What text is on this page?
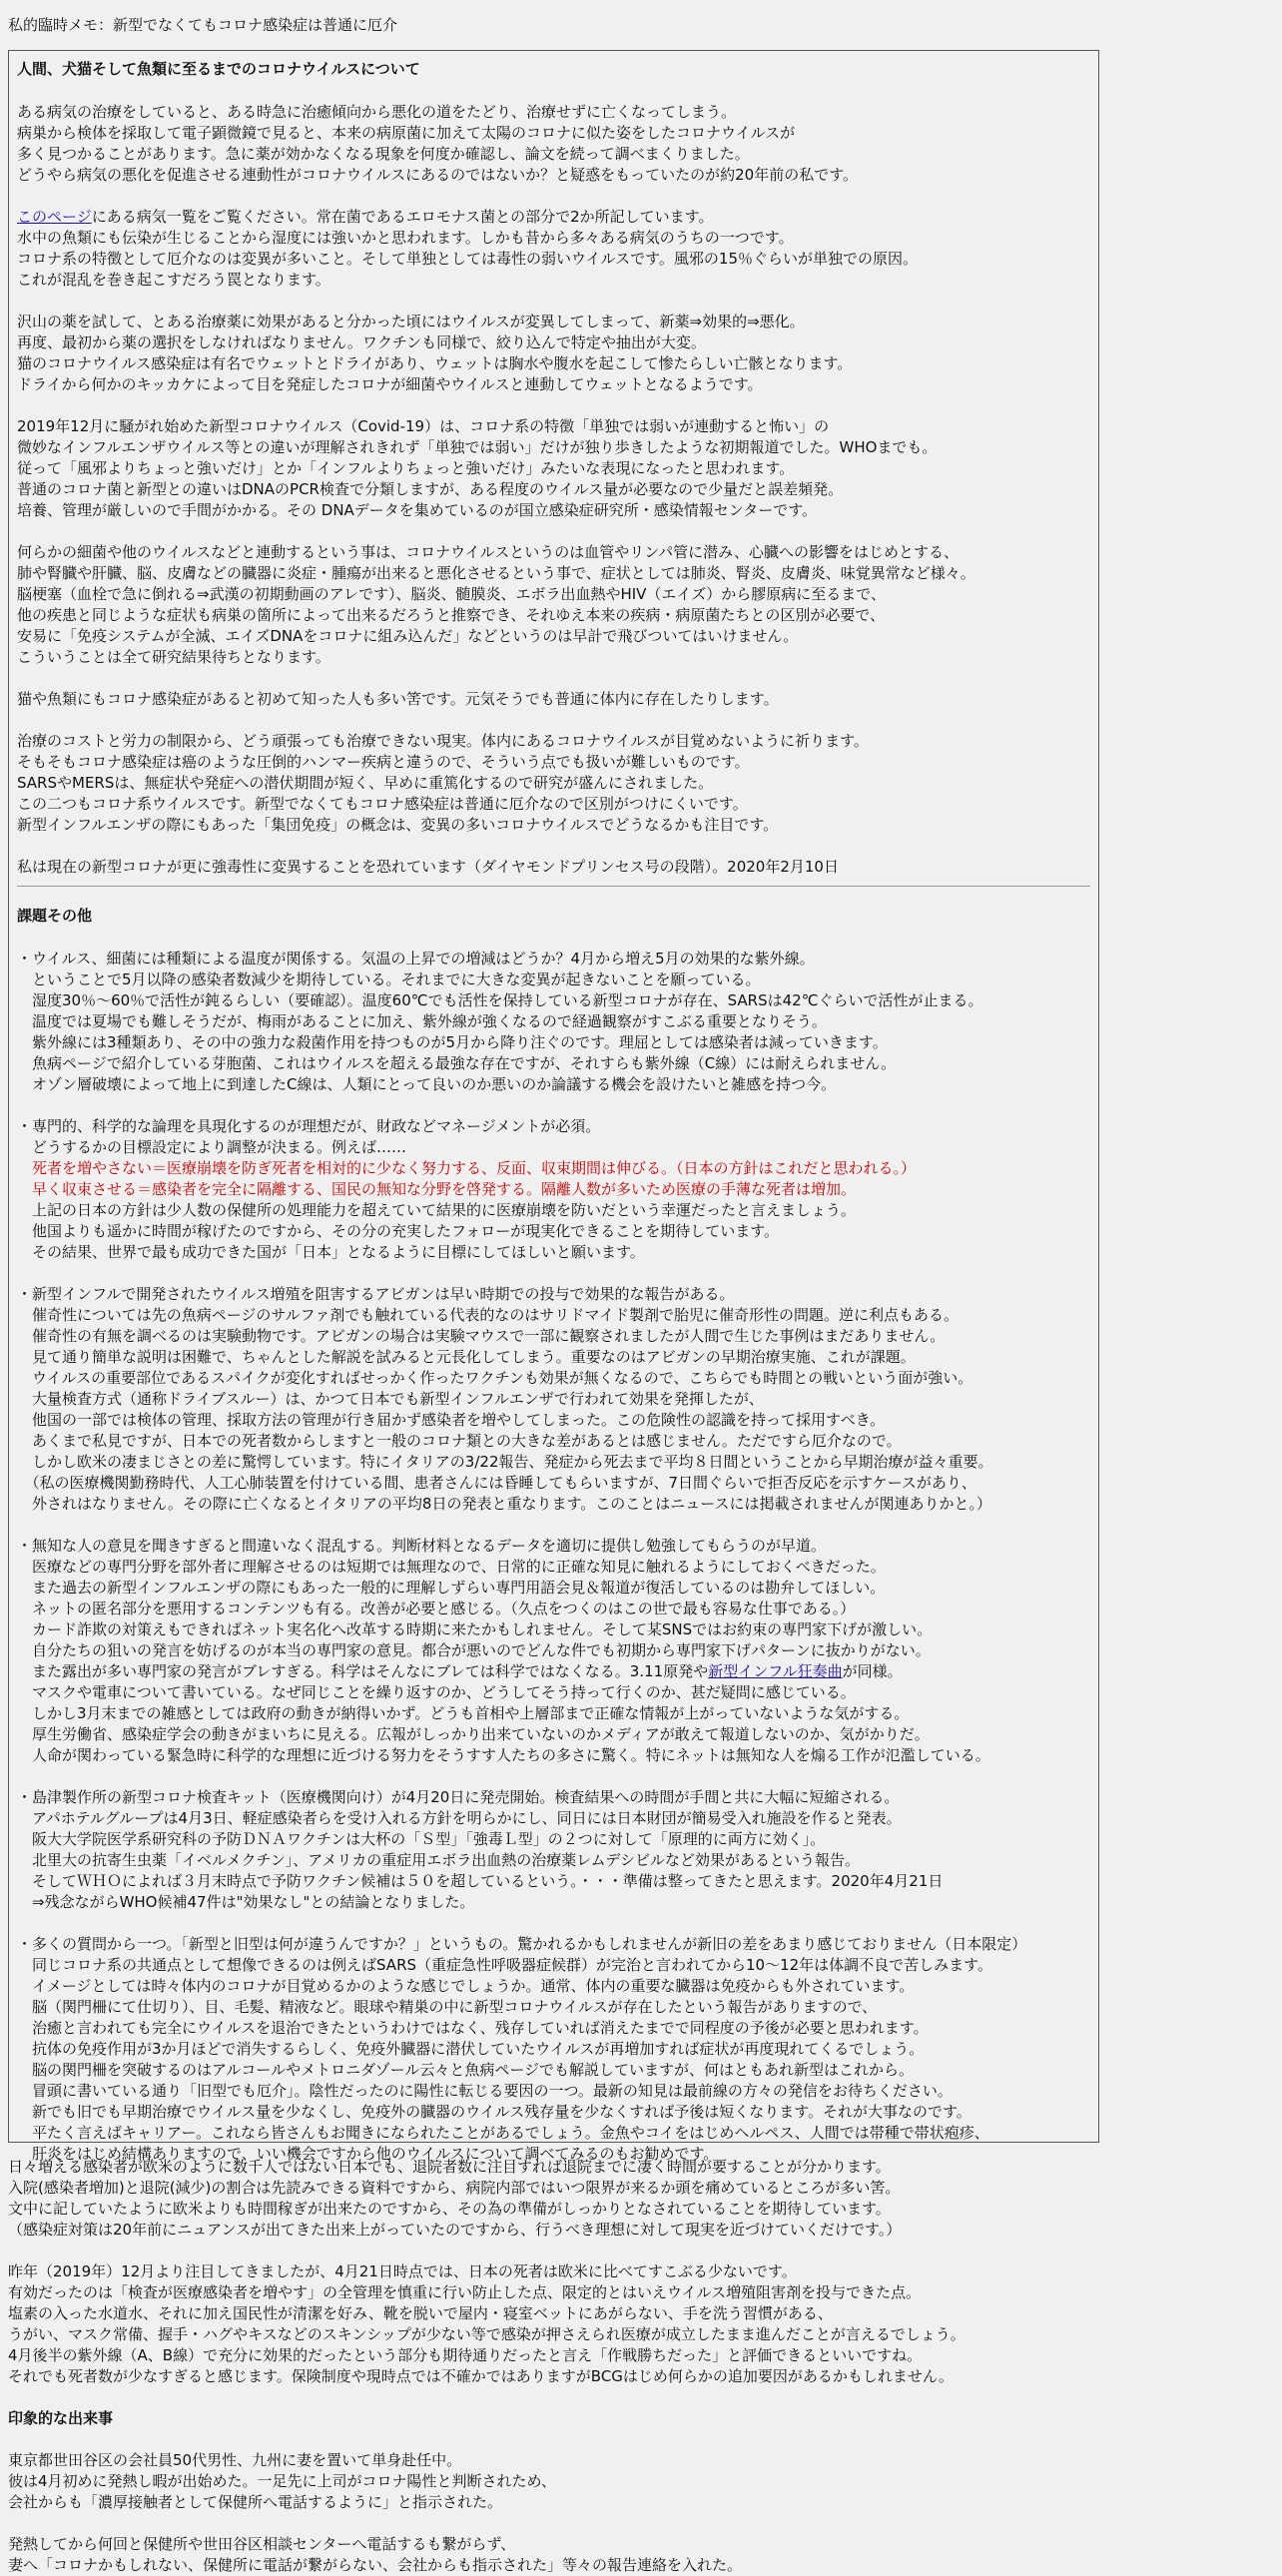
私的臨時メモ：新型でなくてもコロナ感染症は普通に厄介
人間、犬猫そして魚類に至るまでのコロナウイルスについて
ある病気の治療をしていると、ある時急に治癒傾向から悪化の道をたどり、治療せずに亡くなってしまう。
病巣から検体を採取して電子顕微鏡で見ると、本来の病原菌に加えて太陽のコロナに似た姿をしたコロナウイルスが
多く見つかることがあります。急に薬が効かなくなる現象を何度か確認し、論文を続って調べまくりました。
どうやら病気の悪化を促進させる連動性がコロナウイルスにあるのではないか？と疑惑をもっていたのが約20年前の私です。
このページにある病気一覧をご覧ください。常在菌であるエロモナス菌との部分で2か所記しています。
水中の魚類にも伝染が生じることから湿度には強いかと思われます。しかも昔から多々ある病気のうちの一つです。
コロナ系の特徴として厄介なのは変異が多いこと。そして単独としては毒性の弱いウイルスです。風邪の15％ぐらいが単独での原因。
これが混乱を巻き起こすだろう罠となります。
沢山の薬を試して、とある治療薬に効果があると分かった頃にはウイルスが変異してしまって、新薬⇒効果的⇒悪化。
再度、最初から薬の選択をしなければなりません。ワクチンも同様で、絞り込んで特定や抽出が大変。
猫のコロナウイルス感染症は有名でウェットとドライがあり、ウェットは胸水や腹水を起こして惨たらしい亡骸となります。
ドライから何かのキッカケによって目を発症したコロナが細菌やウイルスと連動してウェットとなるようです。
2019年12月に騒がれ始めた新型コロナウイルス（Covid-19）は、コロナ系の特徴「単独では弱いが連動すると怖い」の
微妙なインフルエンザウイルス等との違いが理解されきれず「単独では弱い」だけが独り歩きしたような初期報道でした。WHOまでも。
従って「風邪よりちょっと強いだけ」とか「インフルよりちょっと強いだけ」みたいな表現になったと思われます。
普通のコロナ菌と新型との違いはDNAのPCR検査で分類しますが、ある程度のウイルス量が必要なので少量だと誤差頻発。
培養、管理が厳しいので手間がかかる。その DNAデータを集めているのが国立感染症研究所・感染情報センターです。
何らかの細菌や他のウイルスなどと連動するという事は、コロナウイルスというのは血管やリンパ管に潜み、心臓への影響をはじめとする、
肺や腎臓や肝臓、脳、皮膚などの臓器に炎症・腫瘍が出来ると悪化させるという事で、症状としては肺炎、腎炎、皮膚炎、味覚異常など様々。
脳梗塞（血栓で急に倒れる⇒武漢の初期動画のアレです）、脳炎、髄膜炎、エボラ出血熱やHIV（エイズ）から膠原病に至るまで、
他の疾患と同じような症状も病巣の箇所によって出来るだろうと推察でき、それゆえ本来の疾病・病原菌たちとの区別が必要で、
安易に「免疫システムが全滅、エイズDNAをコロナに組み込んだ」などというのは早計で飛びついてはいけません。
こういうことは全て研究結果待ちとなります。
猫や魚類にもコロナ感染症があると初めて知った人も多い筈です。元気そうでも普通に体内に存在したりします。
治療のコストと労力の制限から、どう頑張っても治療できない現実。体内にあるコロナウイルスが目覚めないように祈ります。
そもそもコロナ感染症は癌のような圧倒的ハンマー疾病と違うので、そういう点でも扱いが難しいものです。
SARSやMERSは、無症状や発症への潜伏期間が短く、早めに重篤化するので研究が盛んにされました。
この二つもコロナ系ウイルスです。新型でなくてもコロナ感染症は普通に厄介なので区別がつけにくいです。
新型インフルエンザの際にもあった「集団免疫」の概念は、変異の多いコロナウイルスでどうなるかも注目です。
私は現在の新型コロナが更に強毒性に変異することを恐れています（ダイヤモンドプリンセス号の段階）。2020年2月10日
課題その他
・ウイルス、細菌には種類による温度が関係する。気温の上昇での増減はどうか？4月から増え5月の効果的な紫外線。
　ということで5月以降の感染者数減少を期待している。それまでに大きな変異が起きないことを願っている。
　湿度30％～60％で活性が鈍るらしい（要確認）。温度60℃でも活性を保持している新型コロナが存在、SARSは42℃ぐらいで活性が止まる。
　温度では夏場でも難しそうだが、梅雨があることに加え、紫外線が強くなるので経過観察がすこぶる重要となりそう。
　紫外線には3種類あり、その中の強力な殺菌作用を持つものが5月から降り注ぐのです。理屈としては感染者は減っていきます。
　魚病ページで紹介している芽胞菌、これはウイルスを超える最強な存在ですが、それすらも紫外線（C線）には耐えられません。
　オゾン層破壊によって地上に到達したC線は、人類にとって良いのか悪いのか論議する機会を設けたいと雑感を持つ今。
・専門的、科学的な論理を具現化するのが理想だが、財政などマネージメントが必須。
　どうするかの目標設定により調整が決まる。例えば……
　死者を増やさない＝医療崩壊を防ぎ死者を相対的に少なく努力する、反面、収束期間は伸びる。（日本の方針はこれだと思われる。）
　早く収束させる＝感染者を完全に隔離する、国民の無知な分野を啓発する。隔離人数が多いため医療の手薄な死者は増加。
　上記の日本の方針は少人数の保健所の処理能力を超えていて結果的に医療崩壊を防いだという幸運だったと言えましょう。
　他国よりも遥かに時間が稼げたのですから、その分の充実したフォローが現実化できることを期待しています。
　その結果、世界で最も成功できた国が「日本」となるように目標にしてほしいと願います。
・新型インフルで開発されたウイルス増殖を阻害するアビガンは早い時期での投与で効果的な報告がある。
　催奇性については先の魚病ページのサルファ剤でも触れている代表的なのはサリドマイド製剤で胎児に催奇形性の問題。逆に利点もある。
　催奇性の有無を調べるのは実験動物です。アビガンの場合は実験マウスで一部に観察されましたが人間で生じた事例はまだありません。
　見て通り簡単な説明は困難で、ちゃんとした解説を試みると元長化してしまう。重要なのはアビガンの早期治療実施、これが課題。
　ウイルスの重要部位であるスパイクが変化すればせっかく作ったワクチンも効果が無くなるので、こちらでも時間との戦いという面が強い。
　大量検査方式（通称ドライブスルー）は、かつて日本でも新型インフルエンザで行われて効果を発揮したが、
　他国の一部では検体の管理、採取方法の管理が行き届かず感染者を増やしてしまった。この危険性の認識を持って採用すべき。
　あくまで私見ですが、日本での死者数からしますと一般のコロナ類との大きな差があるとは感じません。ただですら厄介なので。
　しかし欧米の凄まじさとの差に驚愕しています。特にイタリアの3/22報告、発症から死去まで平均８日間ということから早期治療が益々重要。
　（私の医療機関勤務時代、人工心肺装置を付けている間、患者さんには昏睡してもらいますが、7日間ぐらいで拒否反応を示すケースがあり、
　外されはなりません。その際に亡くなるとイタリアの平均8日の発表と重なります。このことはニュースには掲載されませんが関連ありかと。）
・無知な人の意見を聞きすぎると間違いなく混乱する。判断材料となるデータを適切に提供し勉強してもらうのが早道。
　医療などの専門分野を部外者に理解させるのは短期では無理なので、日常的に正確な知見に触れるようにしておくべきだった。
　また過去の新型インフルエンザの際にもあった一般的に理解しずらい専門用語会見＆報道が復活しているのは勘弁してほしい。
　ネットの匿名部分を悪用するコンテンツも有る。改善が必要と感じる。（久点をつくのはこの世で最も容易な仕事である。）
　カード詐欺の対策えもできればネット実名化へ改革する時期に来たかもしれません。そして某SNSではお約束の専門家下げが激しい。
　自分たちの狙いの発言を妨げるのが本当の専門家の意見。都合が悪いのでどんな件でも初期から専門家下げパターンに抜かりがない。
　また露出が多い専門家の発言がブレすぎる。科学はそんなにブレては科学ではなくなる。3.11原発や新型インフル狂奏曲が同様。
　マスクや電車について書いている。なぜ同じことを繰り返すのか、どうしてそう持って行くのか、甚だ疑問に感じている。
　しかし3月末までの雑感としては政府の動きが納得いかず。どうも首相や上層部まで正確な情報が上がっていないような気がする。
　厚生労働省、感染症学会の動きがまいちに見える。広報がしっかり出来ていないのかメディアが敢えて報道しないのか、気がかりだ。
　人命が関わっている緊急時に科学的な理想に近づける努力をそうすす人たちの多さに驚く。特にネットは無知な人を煽る工作が氾濫している。
・島津製作所の新型コロナ検査キット（医療機関向け）が4月20日に発売開始。検査結果への時間が手間と共に大幅に短縮される。
　アパホテルグループは4月3日、軽症感染者らを受け入れる方針を明らかにし、同日には日本財団が簡易受入れ施設を作ると発表。
　阪大大学院医学系研究科の予防ＤＮＡワクチンは大杯の「Ｓ型」「強毒Ｌ型」の２つに対して「原理的に両方に効く」。
　北里大の抗寄生虫薬「イベルメクチン」、アメリカの重症用エボラ出血熱の治療薬レムデシビルなど効果があるという報告。
　そしてＷＨＯによれば３月末時点で予防ワクチン候補は５０を超しているという。・・・準備は整ってきたと思えます。2020年4月21日
　⇒残念ながらWHO候補47件は"効果なし"との結論となりました。
・多くの質問から一つ。「新型と旧型は何が違うんですか？」というもの。驚かれるかもしれませんが新旧の差をあまり感じておりません（日本限定）
　同じコロナ系の共通点として想像できるのは例えばSARS（重症急性呼吸器症候群）が完治と言われてから10～12年は体調不良で苦しみます。
　イメージとしては時々体内のコロナが目覚めるかのような感じでしょうか。通常、体内の重要な臓器は免疫からも外されています。
　脳（関門柵にて仕切り）、目、毛髪、精液など。眼球や精巣の中に新型コロナウイルスが存在したという報告がありますので、
　治癒と言われても完全にウイルスを退治できたというわけではなく、残存していれば消えたまでで同程度の予後が必要と思われます。
　抗体の免疫作用が3か月ほどで消失するらしく、免疫外臓器に潜伏していたウイルスが再増加すれば症状が再度現れてくるでしょう。
　脳の関門柵を突破するのはアルコールやメトロニダゾール云々と魚病ページでも解説していますが、何はともあれ新型はこれから。
　冒頭に書いている通り「旧型でも厄介」。陰性だったのに陽性に転じる要因の一つ。最新の知見は最前線の方々の発信をお待ちください。
　新でも旧でも早期治療でウイルス量を少なくし、免疫外の臓器のウイルス残存量を少なくすれば予後は短くなります。それが大事なのです。
　平たく言えばキャリアー。これなら皆さんもお聞きになられたことがあるでしょう。金魚やコイをはじめヘルペス、人間では帯種で帯状疱疹、
　肝炎をはじめ結構ありますので、いい機会ですから他のウイルスについて調べてみるのもお勧めです。
日々増える感染者が欧米のように数千人ではない日本でも、退院者数に注目すれば退院までに凄く時間が要することが分かります。
入院(感染者増加)と退院(減少)の割合は先読みできる資料ですから、病院内部ではいつ限界が来るか頭を痛めているところが多い筈。
文中に記していたように欧米よりも時間稼ぎが出来たのですから、その為の準備がしっかりとなされていることを期待しています。
（感染症対策は20年前にニュアンスが出てきた出来上がっていたのですから、行うべき理想に対して現実を近づけていくだけです。）
昨年（2019年）12月より注目してきましたが、4月21日時点では、日本の死者は欧米に比べてすこぶる少ないです。
有効だったのは「検査が医療感染者を増やす」の全管理を慎重に行い防止した点、限定的とはいえウイルス増殖阻害剤を投与できた点。
塩素の入った水道水、それに加え国民性が清潔を好み、靴を脱いで屋内・寝室ベットにあがらない、手を洗う習慣がある、
うがい、マスク常備、握手・ハグやキスなどのスキンシップが少ない等で感染が押さえられ医療が成立したまま進んだことが言えるでしょう。
4月後半の紫外線（A、B線）で充分に効果的だったという部分も期待通りだったと言え「作戦勝ちだった」と評価できるといいですね。
それでも死者数が少なすぎると感じます。保険制度や現時点では不確かではありますがBCGはじめ何らかの追加要因があるかもしれません。
印象的な出来事
東京都世田谷区の会社員50代男性、九州に妻を置いて単身赴任中。
彼は4月初めに発熱し暇が出始めた。一足先に上司がコロナ陽性と判断されため、
会社からも「濃厚接触者として保健所へ電話するように」と指示された。
発熱してから何回と保健所や世田谷区相談センターへ電話するも繋がらず、
妻へ「コロナかもしれない、保健所に電話が繋がらない、会社からも指示された」等々の報告連絡を入れた。
